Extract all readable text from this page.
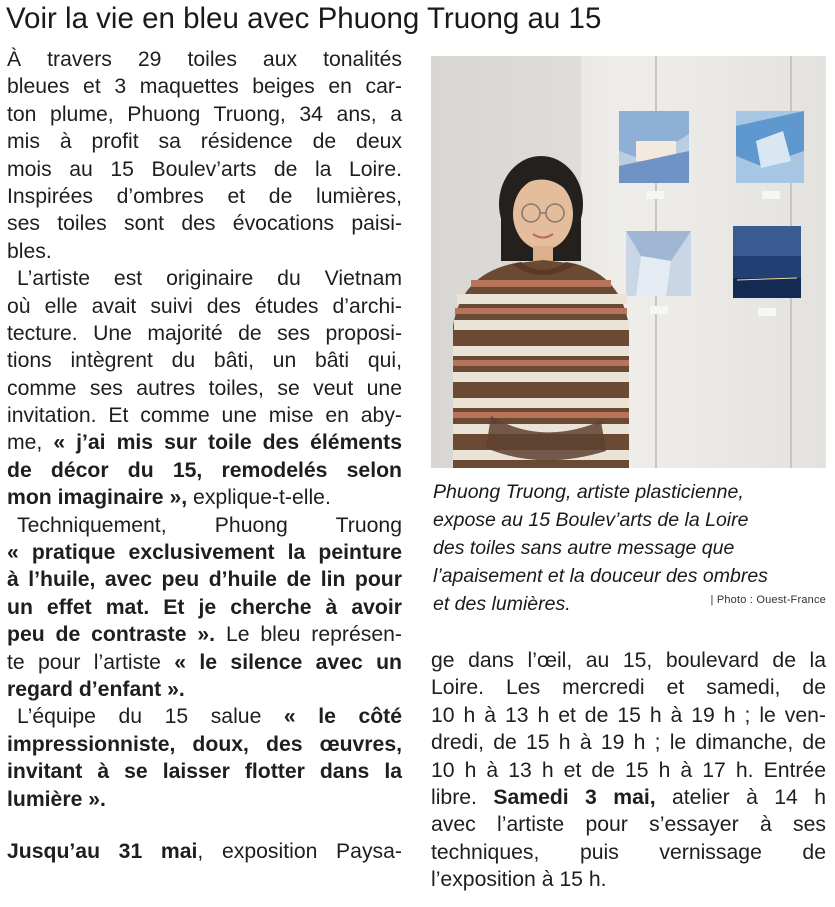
Voir la vie en bleu avec Phuong Truong au 15
À travers 29 toiles aux tonalités
bleues et 3 maquettes beiges en car-
ton plume, Phuong Truong, 34 ans, a
mis à profit sa résidence de deux
mois au 15 Boulev’arts de la Loire.
Inspirées d’ombres et de lumières,
ses toiles sont des évocations paisi-
bles.
L’artiste est originaire du Vietnam
où elle avait suivi des études d’archi-
tecture. Une majorité de ses proposi-
tions intègrent du bâti, un bâti qui,
comme ses autres toiles, se veut une
invitation. Et comme une mise en aby-
me, « j’ai mis sur toile des éléments
de décor du 15, remodelés selon
mon imaginaire », explique-t-elle.
Techniquement, Phuong Truong
« pratique exclusivement la peinture
à l’huile, avec peu d’huile de lin pour
un effet mat. Et je cherche à avoir
peu de contraste ». Le bleu représen-
te pour l’artiste « le silence avec un
regard d’enfant ».
L’équipe du 15 salue « le côté
impressionniste, doux, des œuvres,
invitant à se laisser flotter dans la
lumière ».
Jusqu’au 31 mai, exposition Paysa-
Phuong Truong, artiste plasticienne,
expose au 15 Boulev’arts de la Loire
des toiles sans autre message que
l’apaisement et la douceur des ombres
et des lumières.	| Photo : Ouest-France
ge dans l’œil, au 15, boulevard de la
Loire. Les mercredi et samedi, de
10 h à 13 h et de 15 h à 19 h ; le ven-
dredi, de 15 h à 19 h ; le dimanche, de
10 h à 13 h et de 15 h à 17 h. Entrée
libre. Samedi 3 mai, atelier à 14 h
avec l’artiste pour s’essayer à ses
techniques, puis vernissage de
l’exposition à 15 h.
